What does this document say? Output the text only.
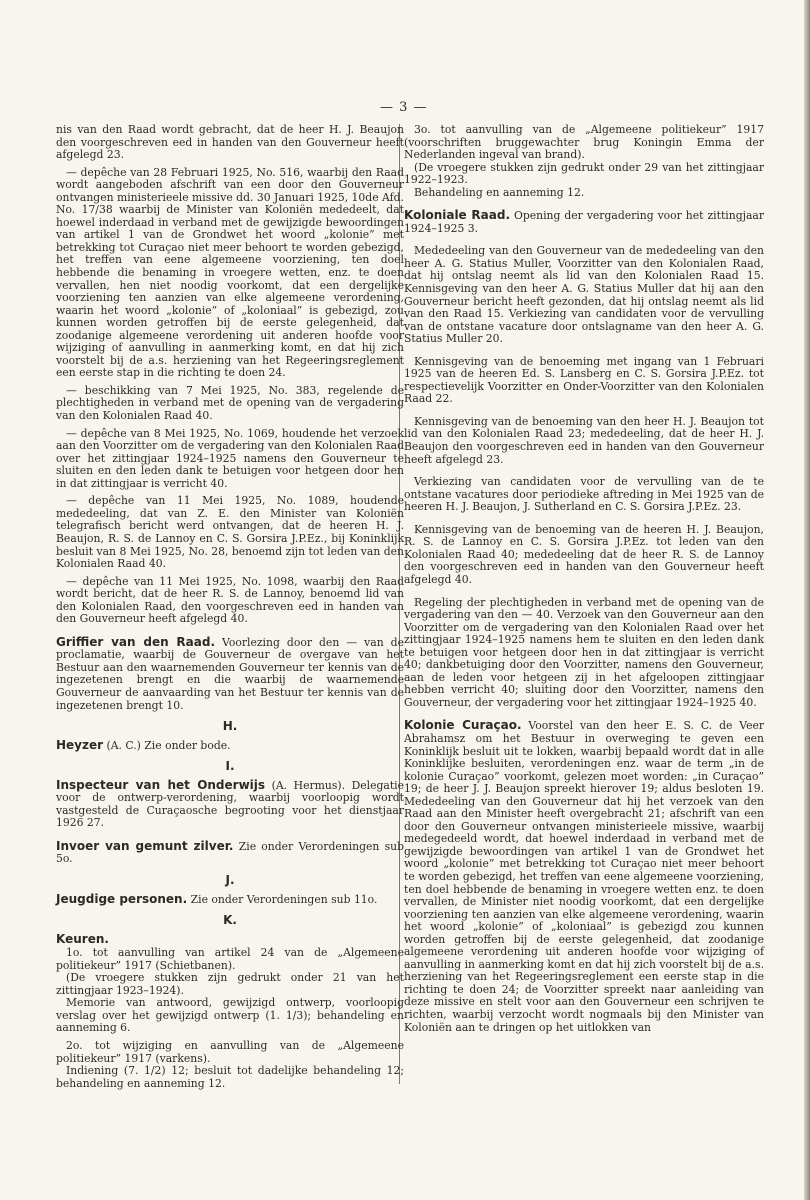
— 3 —

nis van den Raad wordt gebracht, dat de heer H. J. Beaujon den voorgeschreven eed in handen van den Gouverneur heeft afgelegd 23.

— depêche van 28 Februari 1925, No. 516, waarbij den Raad wordt aangeboden afschrift van een door den Gouverneur ontvangen ministerieele missive dd. 30 Januari 1925, 10de Afd. No. 17/38 waarbij de Minister van Koloniën mededeelt, dat hoewel inderdaad in verband met de gewijzigde bewoordingen van artikel 1 van de Grondwet het woord „kolonie” met betrekking tot Curaçao niet meer behoort te worden gebezigd, het treffen van eene algemeene voorziening, ten doel hebbende die benaming in vroegere wetten, enz. te doen vervallen, hen niet noodig voorkomt, dat een dergelijke voorziening ten aanzien van elke algemeene verordening, waarin het woord „kolonie” of „koloniaal” is gebezigd, zou kunnen worden getroffen bij de eerste gelegenheid, dat zoodanige algemeene verordening uit anderen hoofde voor wijziging of aanvulling in aanmerking komt, en dat hij zich voorstelt bij de a.s. herziening van het Regeeringsreglement een eerste stap in die richting te doen 24.

— beschikking van 7 Mei 1925, No. 383, regelende de plechtigheden in verband met de opening van de vergadering van den Kolonialen Raad 40.

— depêche van 8 Mei 1925, No. 1069, houdende het verzoek aan den Voorzitter om de vergadering van den Kolonialen Raad over het zittingjaar 1924–1925 namens den Gouverneur te sluiten en den leden dank te betuigen voor hetgeen door hen in dat zittingjaar is verricht 40.

— depêche van 11 Mei 1925, No. 1089, houdende mededeeling, dat van Z. E. den Minister van Koloniën telegrafisch bericht werd ontvangen, dat de heeren H. J. Beaujon, R. S. de Lannoy en C. S. Gorsira J.P.Ez., bij Koninklijk besluit van 8 Mei 1925, No. 28, benoemd zijn tot leden van den Kolonialen Raad 40.

— depêche van 11 Mei 1925, No. 1098, waarbij den Raad wordt bericht, dat de heer R. S. de Lannoy, benoemd lid van den Kolonialen Raad, den voorgeschreven eed in handen van den Gouverneur heeft afgelegd 40.

Griffier van den Raad. Voorlezing door den — van de proclamatie, waarbij de Gouverneur de overgave van het Bestuur aan den waarnemenden Gouverneur ter kennis van de ingezetenen brengt en die waarbij de waarnemende Gouverneur de aanvaarding van het Bestuur ter kennis van de ingezetenen brengt 10.

H.

Heyzer (A. C.) Zie onder bode.

I.

Inspecteur van het Onderwijs (A. Hermus). Delegatie voor de ontwerp-verordening, waarbij voorloopig wordt vastgesteld de Curaçaosche begrooting voor het dienstjaar 1926 27.

Invoer van gemunt zilver. Zie onder Verordeningen sub 5o.

J.

Jeugdige personen. Zie onder Verordeningen sub 11o.

K.

Keuren.

1o. tot aanvulling van artikel 24 van de „Algemeene politiekeur” 1917 (Schietbanen).

(De vroegere stukken zijn gedrukt onder 21 van het zittingjaar 1923–1924).

Memorie van antwoord, gewijzigd ontwerp, voorloopig verslag over het gewijzigd ontwerp (1. 1/3); behandeling en aanneming 6.

2o. tot wijziging en aanvulling van de „Algemeene politiekeur” 1917 (varkens).

Indiening (7. 1/2) 12; besluit tot dadelijke behandeling 12; behandeling en aanneming 12.

3o. tot aanvulling van de „Algemeene politiekeur” 1917 (voorschriften bruggewachter brug Koningin Emma der Nederlanden ingeval van brand).

(De vroegere stukken zijn gedrukt onder 29 van het zittingjaar 1922–1923.

Behandeling en aanneming 12.

Koloniale Raad. Opening der vergadering voor het zittingjaar 1924–1925 3.

Mededeeling van den Gouverneur van de mededeeling van den heer A. G. Statius Muller, Voorzitter van den Kolonialen Raad, dat hij ontslag neemt als lid van den Kolonialen Raad 15. Kennisgeving van den heer A. G. Statius Muller dat hij aan den Gouverneur bericht heeft gezonden, dat hij ontslag neemt als lid van den Raad 15. Verkiezing van candidaten voor de vervulling van de ontstane vacature door ontslagname van den heer A. G. Statius Muller 20.

Kennisgeving van de benoeming met ingang van 1 Februari 1925 van de heeren Ed. S. Lansberg en C. S. Gorsira J.P.Ez. tot respectievelijk Voorzitter en Onder-Voorzitter van den Kolonialen Raad 22.

Kennisgeving van de benoeming van den heer H. J. Beaujon tot lid van den Kolonialen Raad 23; mededeeling, dat de heer H. J. Beaujon den voorgeschreven eed in handen van den Gouverneur heeft afgelegd 23.

Verkiezing van candidaten voor de vervulling van de te ontstane vacatures door periodieke aftreding in Mei 1925 van de heeren H. J. Beaujon, J. Sutherland en C. S. Gorsira J.P.Ez. 23.

Kennisgeving van de benoeming van de heeren H. J. Beaujon, R. S. de Lannoy en C. S. Gorsira J.P.Ez. tot leden van den Kolonialen Raad 40; mededeeling dat de heer R. S. de Lannoy den voorgeschreven eed in handen van den Gouverneur heeft afgelegd 40.

Regeling der plechtigheden in verband met de opening van de vergadering van den — 40. Verzoek van den Gouverneur aan den Voorzitter om de vergadering van den Kolonialen Raad over het zittingjaar 1924–1925 namens hem te sluiten en den leden dank te betuigen voor hetgeen door hen in dat zittingjaar is verricht 40; dankbetuiging door den Voorzitter, namens den Gouverneur, aan de leden voor hetgeen zij in het afgeloopen zittingjaar hebben verricht 40; sluiting door den Voorzitter, namens den Gouverneur, der vergadering voor het zittingjaar 1924–1925 40.

Kolonie Curaçao. Voorstel van den heer E. S. C. de Veer Abrahamsz om het Bestuur in overweging te geven een Koninklijk besluit uit te lokken, waarbij bepaald wordt dat in alle Koninklijke besluiten, verordeningen enz. waar de term „in de kolonie Curaçao” voorkomt, gelezen moet worden: „in Curaçao” 19; de heer J. J. Beaujon spreekt hierover 19; aldus besloten 19. Mededeeling van den Gouverneur dat hij het verzoek van den Raad aan den Minister heeft overgebracht 21; afschrift van een door den Gouverneur ontvangen ministerieele missive, waarbij medegedeeld wordt, dat hoewel inderdaad in verband met de gewijzigde bewoordingen van artikel 1 van de Grondwet het woord „kolonie” met betrekking tot Curaçao niet meer behoort te worden gebezigd, het treffen van eene algemeene voorziening, ten doel hebbende de benaming in vroegere wetten enz. te doen vervallen, de Minister niet noodig voorkomt, dat een dergelijke voorziening ten aanzien van elke algemeene verordening, waarin het woord „kolonie” of „koloniaal” is gebezigd zou kunnen worden getroffen bij de eerste gelegenheid, dat zoodanige algemeene verordening uit anderen hoofde voor wijziging of aanvulling in aanmerking komt en dat hij zich voorstelt bij de a.s. herziening van het Regeeringsreglement een eerste stap in die richting te doen 24; de Voorzitter spreekt naar aanleiding van deze missive en stelt voor aan den Gouverneur een schrijven te richten, waarbij verzocht wordt nogmaals bij den Minister van Koloniën aan te dringen op het uitlokken van
